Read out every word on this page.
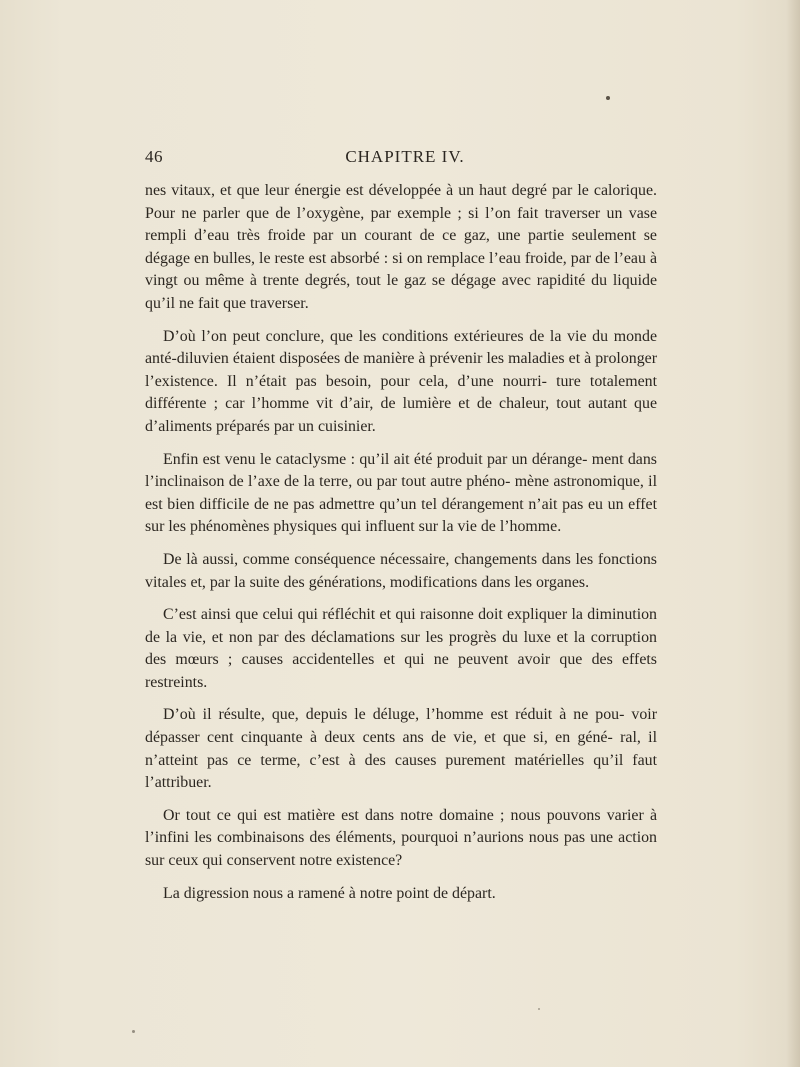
46	CHAPITRE IV.

nes vitaux, et que leur énergie est développée à un haut degré par le calorique. Pour ne parler que de l’oxygène, par exemple ; si l’on fait traverser un vase rempli d’eau très froide par un courant de ce gaz, une partie seulement se dégage en bulles, le reste est absorbé : si on remplace l’eau froide, par de l’eau à vingt ou même à trente degrés, tout le gaz se dégage avec rapidité du liquide qu’il ne fait que traverser.

D’où l’on peut conclure, que les conditions extérieures de la vie du monde anté-diluvien étaient disposées de manière à prévenir les maladies et à prolonger l’existence. Il n’était pas besoin, pour cela, d’une nourri- ture totalement différente ; car l’homme vit d’air, de lumière et de chaleur, tout autant que d’aliments préparés par un cuisinier.

Enfin est venu le cataclysme : qu’il ait été produit par un dérange- ment dans l’inclinaison de l’axe de la terre, ou par tout autre phéno- mène astronomique, il est bien difficile de ne pas admettre qu’un tel dérangement n’ait pas eu un effet sur les phénomènes physiques qui influent sur la vie de l’homme.

De là aussi, comme conséquence nécessaire, changements dans les fonctions vitales et, par la suite des générations, modifications dans les organes.

C’est ainsi que celui qui réfléchit et qui raisonne doit expliquer la diminution de la vie, et non par des déclamations sur les progrès du luxe et la corruption des mœurs ; causes accidentelles et qui ne peuvent avoir que des effets restreints.

D’où il résulte, que, depuis le déluge, l’homme est réduit à ne pou- voir dépasser cent cinquante à deux cents ans de vie, et que si, en géné- ral, il n’atteint pas ce terme, c’est à des causes purement matérielles qu’il faut l’attribuer.

Or tout ce qui est matière est dans notre domaine ; nous pouvons varier à l’infini les combinaisons des éléments, pourquoi n’aurions nous pas une action sur ceux qui conservent notre existence?

La digression nous a ramené à notre point de départ.
